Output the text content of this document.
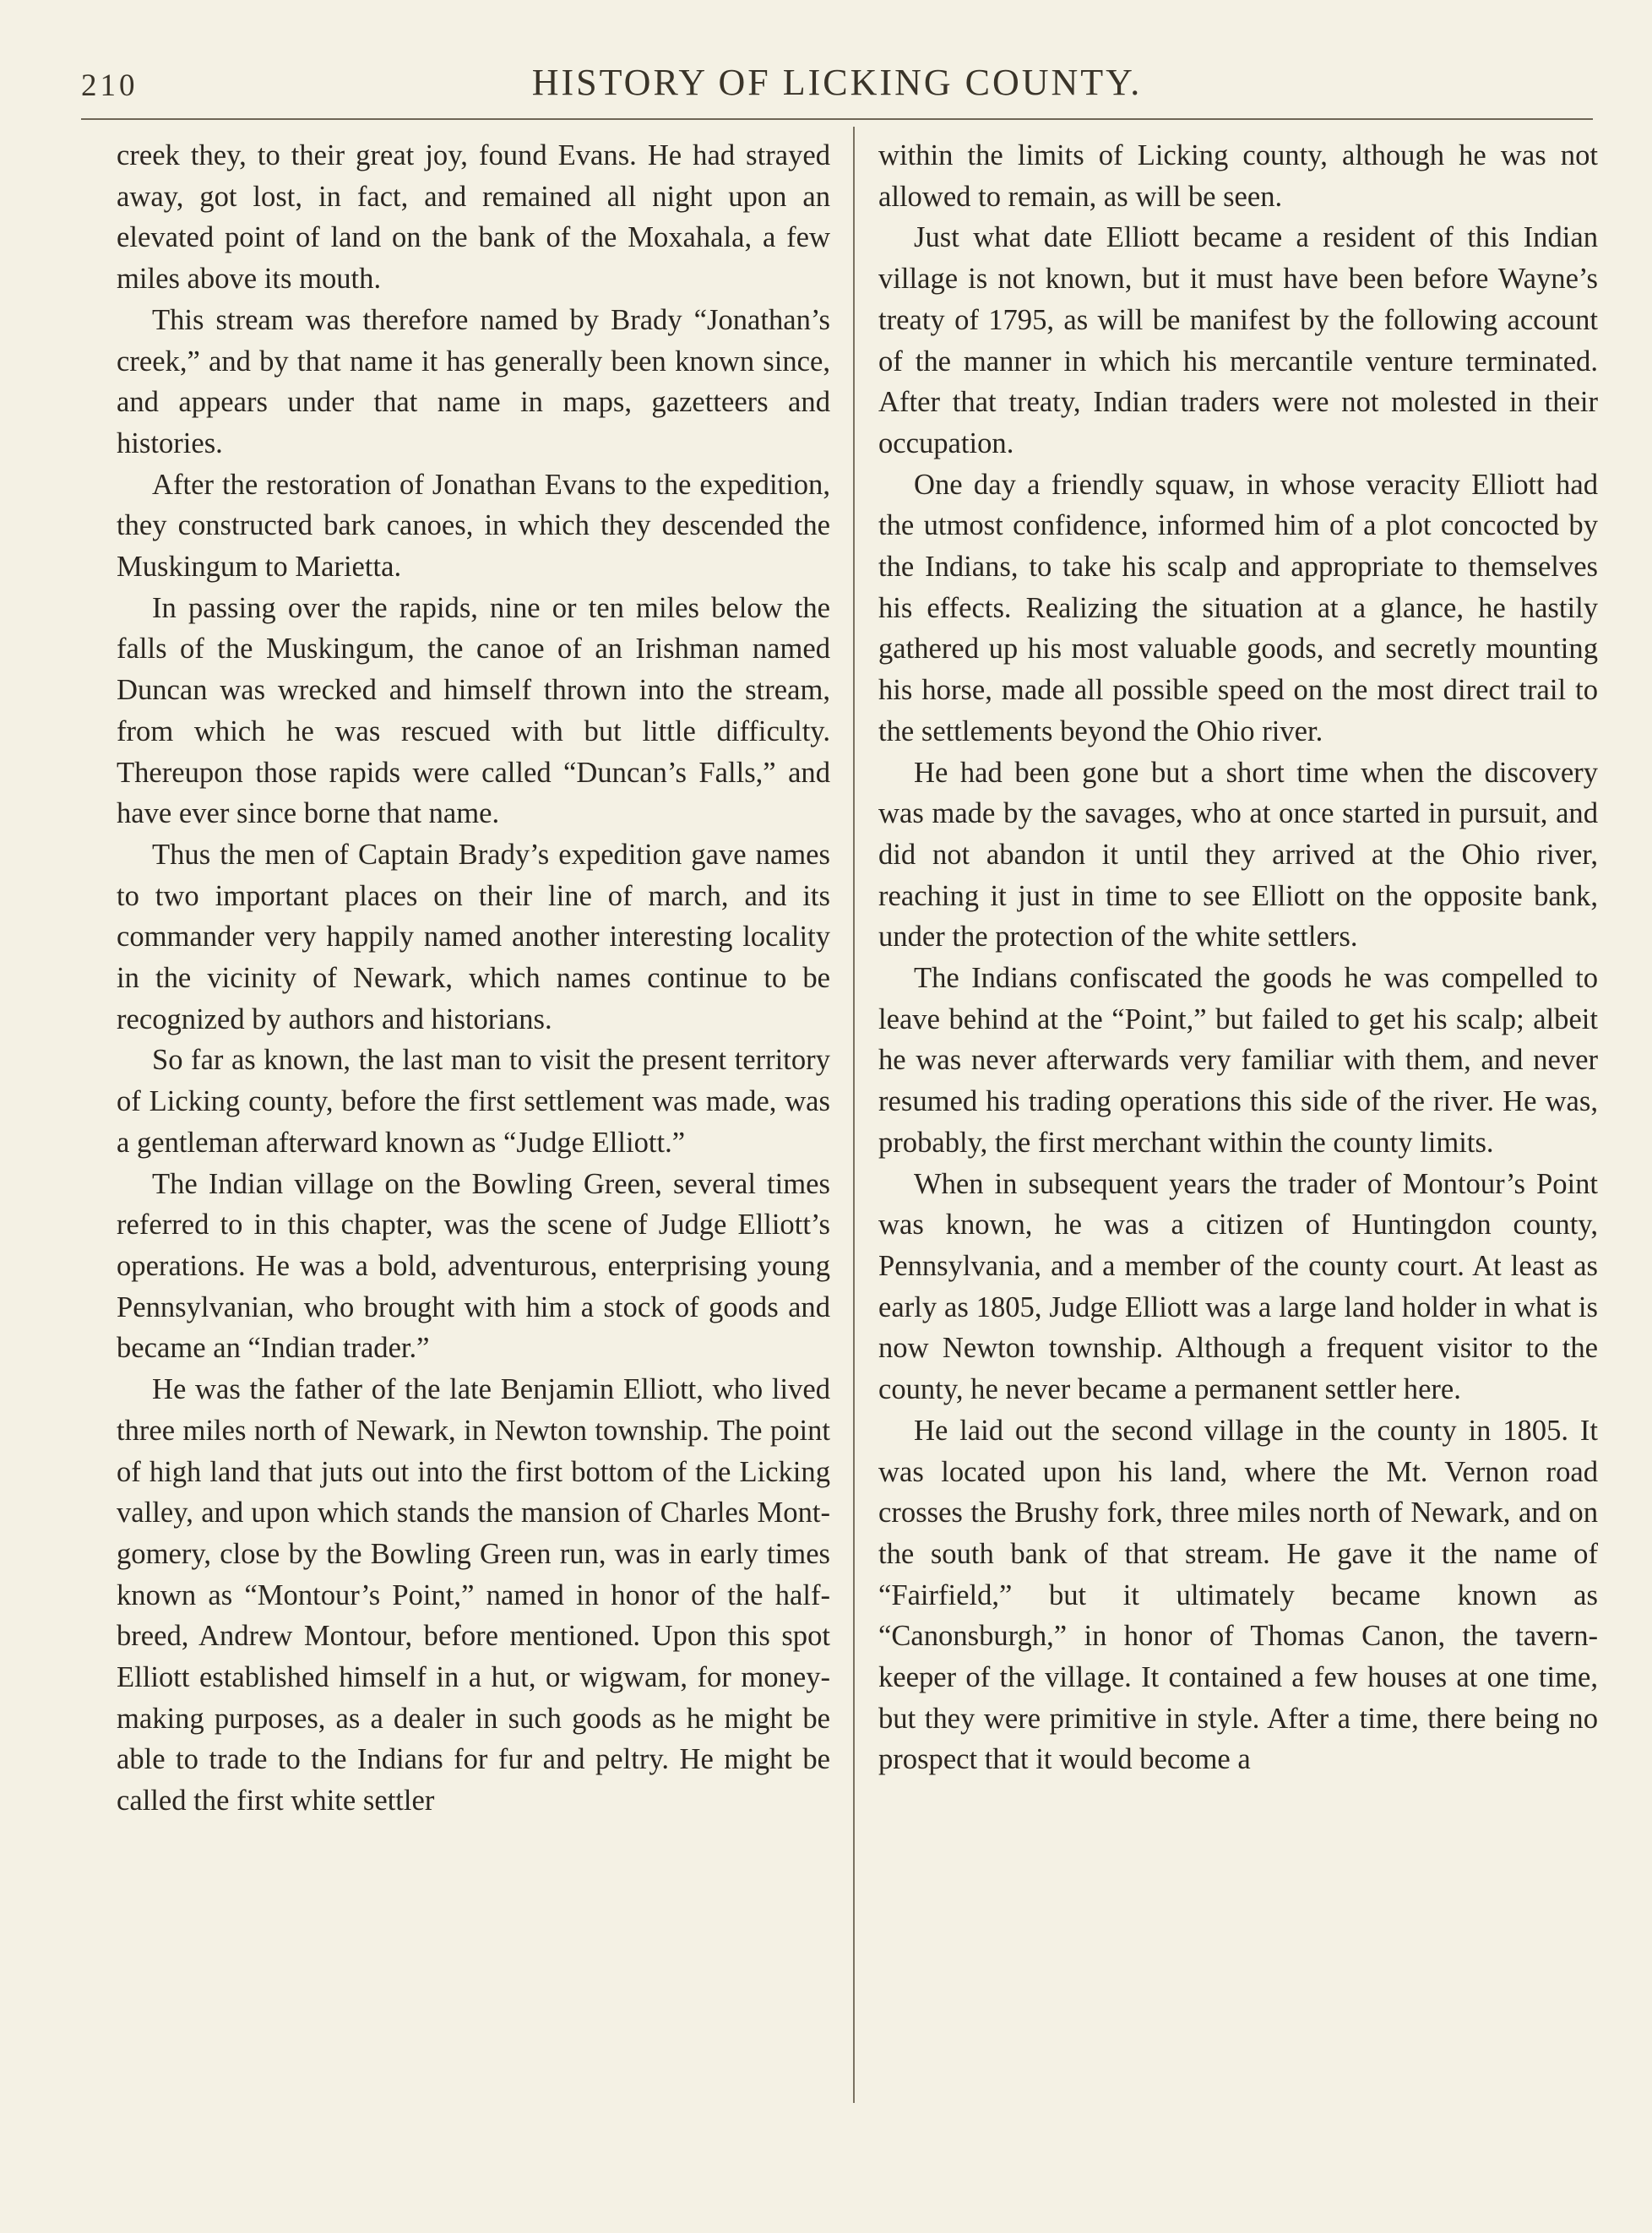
210	HISTORY OF LICKING COUNTY.

creek they, to their great joy, found Evans. He had strayed away, got lost, in fact, and remained all night upon an elevated point of land on the bank of the Moxahala, a few miles above its mouth.

This stream was therefore named by Brady “Jonathan’s creek,” and by that name it has generally been known since, and appears under that name in maps, gazetteers and histories.

After the restoration of Jonathan Evans to the expedition, they constructed bark canoes, in which they descended the Muskingum to Marietta.

In passing over the rapids, nine or ten miles below the falls of the Muskingum, the canoe of an Irishman named Duncan was wrecked and himself thrown into the stream, from which he was rescued with but little difficulty. Thereupon those rapids were called “Duncan’s Falls,” and have ever since borne that name.

Thus the men of Captain Brady’s expedition gave names to two important places on their line of march, and its commander very happily named another interesting locality in the vicinity of Newark, which names continue to be recognized by authors and historians.

So far as known, the last man to visit the present territory of Licking county, before the first settlement was made, was a gentleman afterward known as “Judge Elliott.”

The Indian village on the Bowling Green, several times referred to in this chapter, was the scene of Judge Elliott’s operations. He was a bold, adventurous, enterprising young Pennsylvanian, who brought with him a stock of goods and became an “Indian trader.”

He was the father of the late Benjamin Elliott, who lived three miles north of Newark, in Newton township. The point of high land that juts out into the first bottom of the Licking valley, and upon which stands the mansion of Charles Montgomery, close by the Bowling Green run, was in early times known as “Montour’s Point,” named in honor of the half-breed, Andrew Montour, before mentioned. Upon this spot Elliott established himself in a hut, or wigwam, for money-making purposes, as a dealer in such goods as he might be able to trade to the Indians for fur and peltry. He might be called the first white settler

within the limits of Licking county, although he was not allowed to remain, as will be seen.

Just what date Elliott became a resident of this Indian village is not known, but it must have been before Wayne’s treaty of 1795, as will be manifest by the following account of the manner in which his mercantile venture terminated. After that treaty, Indian traders were not molested in their occupation.

One day a friendly squaw, in whose veracity Elliott had the utmost confidence, informed him of a plot concocted by the Indians, to take his scalp and appropriate to themselves his effects. Realizing the situation at a glance, he hastily gathered up his most valuable goods, and secretly mounting his horse, made all possible speed on the most direct trail to the settlements beyond the Ohio river.

He had been gone but a short time when the discovery was made by the savages, who at once started in pursuit, and did not abandon it until they arrived at the Ohio river, reaching it just in time to see Elliott on the opposite bank, under the protection of the white settlers.

The Indians confiscated the goods he was compelled to leave behind at the “Point,” but failed to get his scalp; albeit he was never afterwards very familiar with them, and never resumed his trading operations this side of the river. He was, probably, the first merchant within the county limits.

When in subsequent years the trader of Montour’s Point was known, he was a citizen of Huntingdon county, Pennsylvania, and a member of the county court. At least as early as 1805, Judge Elliott was a large land holder in what is now Newton township. Although a frequent visitor to the county, he never became a permanent settler here.

He laid out the second village in the county in 1805. It was located upon his land, where the Mt. Vernon road crosses the Brushy fork, three miles north of Newark, and on the south bank of that stream. He gave it the name of “Fairfield,” but it ultimately became known as “Canonsburgh,” in honor of Thomas Canon, the tavern-keeper of the village. It contained a few houses at one time, but they were primitive in style. After a time, there being no prospect that it would become a
